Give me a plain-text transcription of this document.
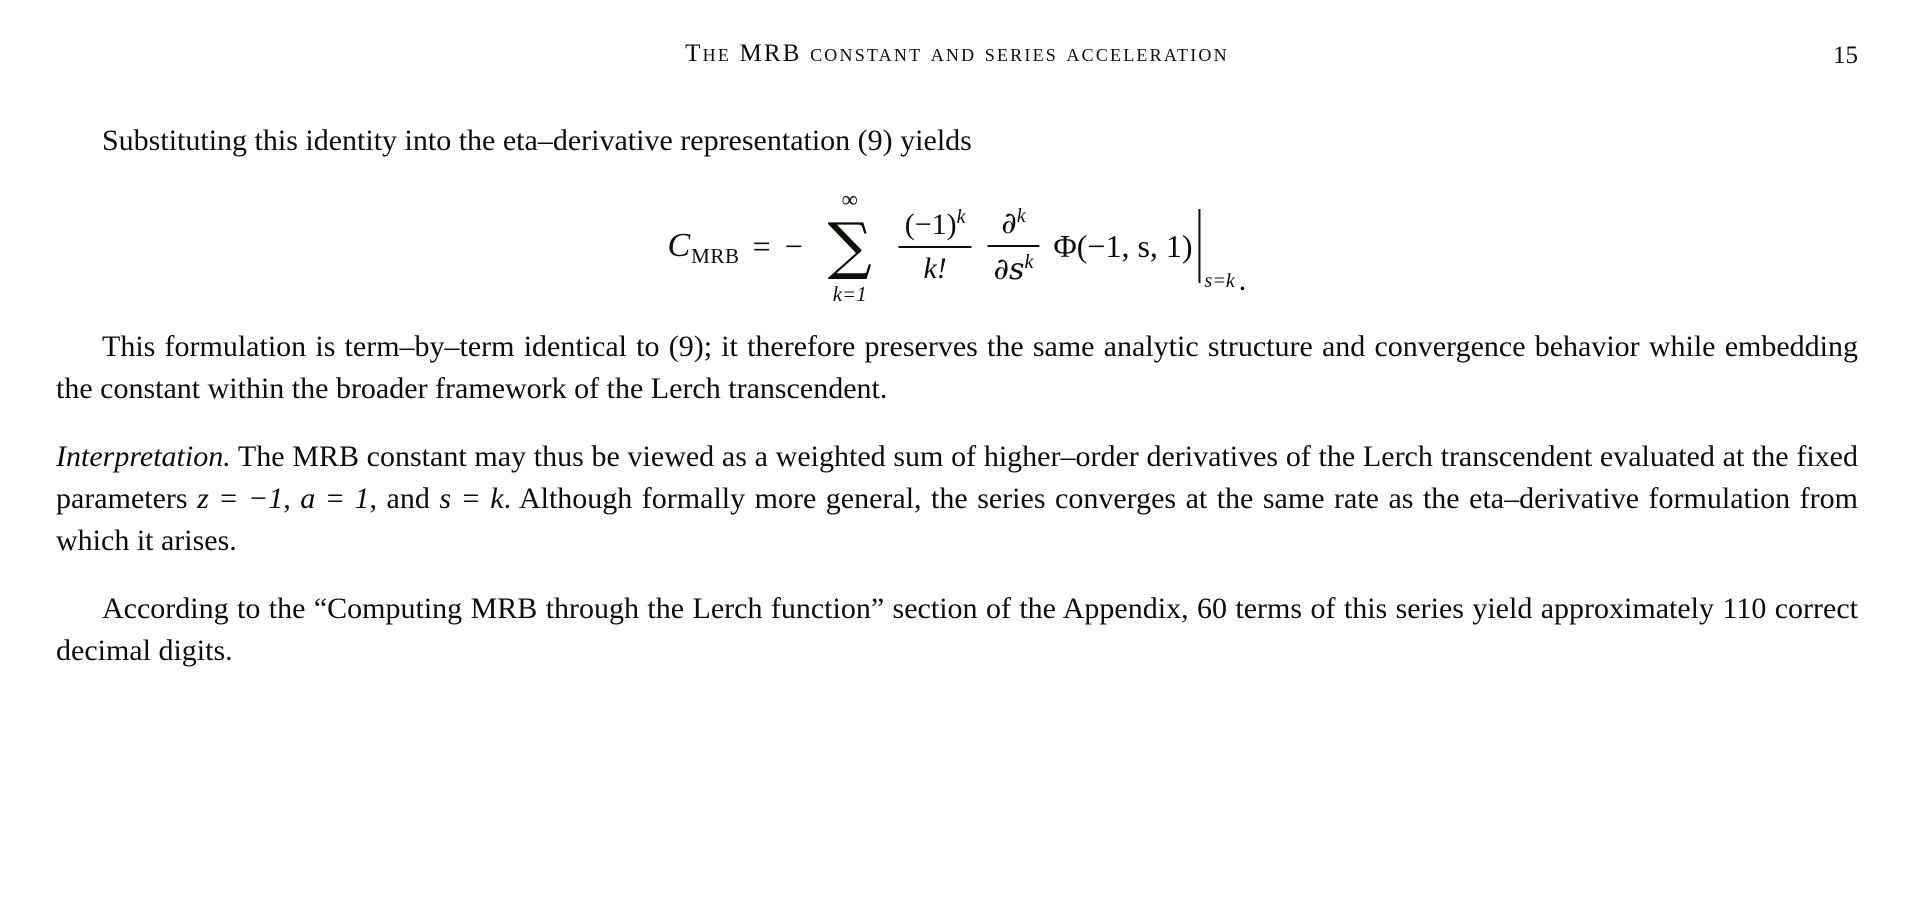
The MRB constant and series acceleration	15

Substituting this identity into the eta–derivative representation (9) yields

C MRB = −
∞
∑
k=1
$\frac{(-1)^k}{k!} \frac{\partial^k}{\partial s^k} \Phi(-1$, s, 1)
s=k .

This formulation is term–by–term identical to (9); it therefore preserves the same analytic structure and convergence behavior while embedding the constant within the broader framework of the Lerch transcendent.

Interpretation. The MRB constant may thus be viewed as a weighted sum of higher–order derivatives of the Lerch transcendent evaluated at the fixed parameters z = −1, a = 1, and s = k. Although formally more general, the series converges at the same rate as the eta–derivative formulation from which it arises.

According to the “Computing MRB through the Lerch function” section of the Appendix, 60 terms of this series yield approximately 110 correct decimal digits.
